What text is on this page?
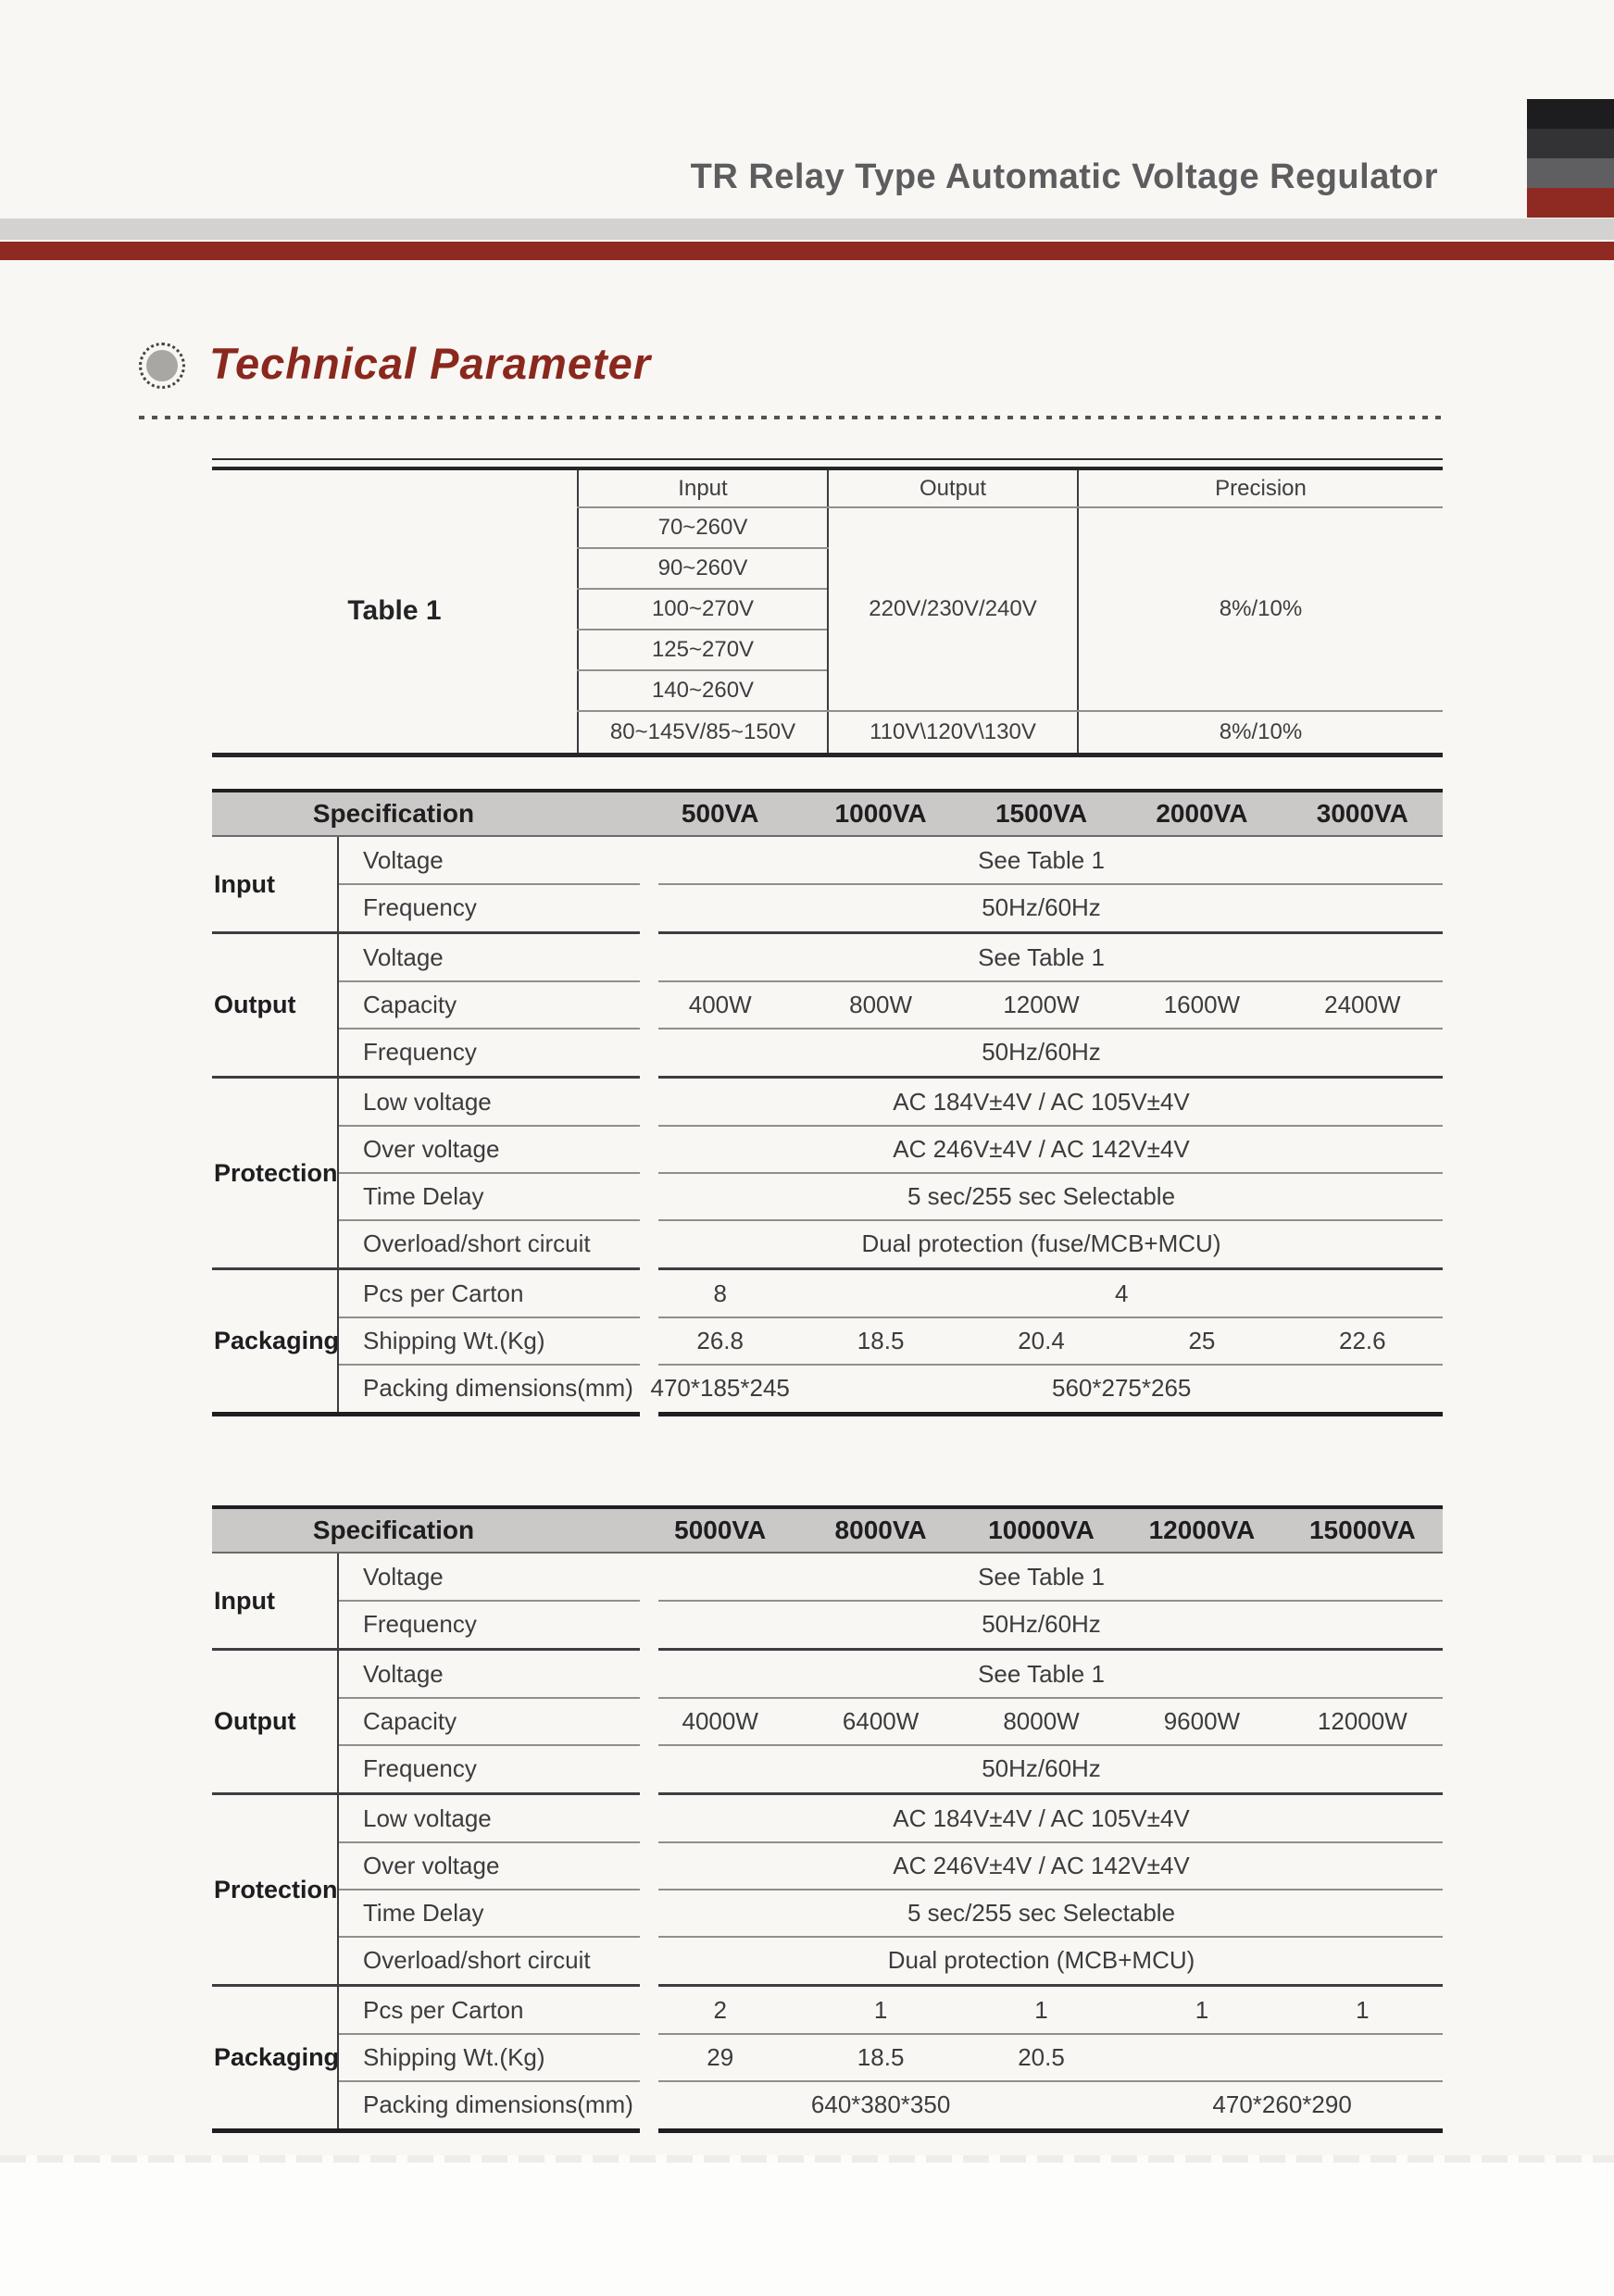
TR Relay Type Automatic Voltage Regulator
Technical Parameter
Table 1	Input	Output	Precision
	70~260V	220V/230V/240V	8%/10%
	90~260V		
	100~270V		
	125~270V		
	140~260V		
	80~145V/85~150V	110V\120V\130V	8%/10%
Specification	500VA	1000VA	1500VA	2000VA	3000VA
Input
Voltage	See Table 1
Frequency	50Hz/60Hz
Output
Voltage	See Table 1
Capacity	400W	800W	1200W	1600W	2400W
Frequency	50Hz/60Hz
Protection
Low voltage	AC 184V±4V / AC 105V±4V
Over voltage	AC 246V±4V / AC 142V±4V
Time Delay	5 sec/255 sec Selectable
Overload/short circuit	Dual protection (fuse/MCB+MCU)
Packaging
Pcs per Carton	8	4
Shipping Wt.(Kg)	26.8	18.5	20.4	25	22.6
Packing dimensions(mm) 470*185*245	560*275*265
Specification	5000VA	8000VA	10000VA	12000VA	15000VA
Input
Voltage	See Table 1
Frequency	50Hz/60Hz
Output
Voltage	See Table 1
Capacity	4000W	6400W	8000W	9600W	12000W
Frequency	50Hz/60Hz
Protection
Low voltage	AC 184V±4V / AC 105V±4V
Over voltage	AC 246V±4V / AC 142V±4V
Time Delay	5 sec/255 sec Selectable
Overload/short circuit	Dual protection (MCB+MCU)
Packaging
Pcs per Carton	2	1	1	1	1
Shipping Wt.(Kg)	29	18.5	20.5
Packing dimensions(mm)	640*380*350	470*260*290
